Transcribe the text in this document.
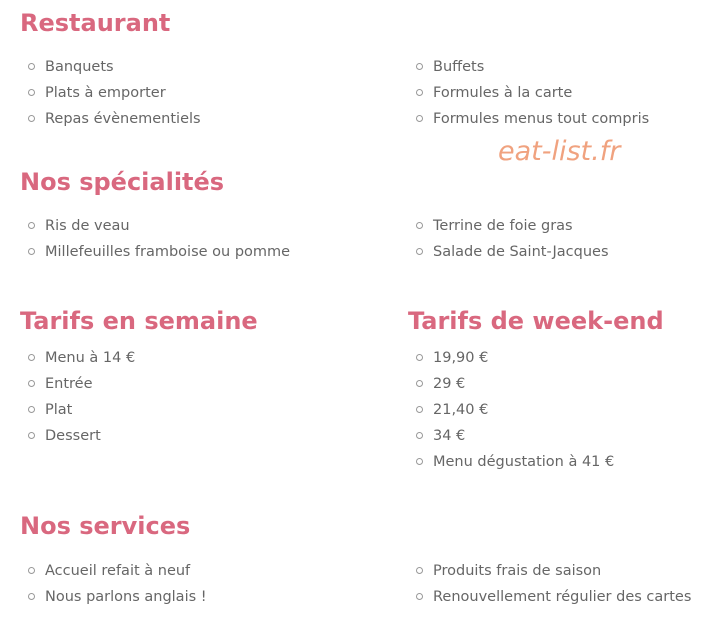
Restaurant
Banquets
Plats à emporter
Repas évènementiels
Buffets
Formules à la carte
Formules menus tout compris
eat-list.fr
Nos spécialités
Ris de veau
Millefeuilles framboise ou pomme
Terrine de foie gras
Salade de Saint-Jacques
Tarifs en semaine	Tarifs de week-end
Menu à 14 €
Entrée
Plat
Dessert
19,90 €
29 €
21,40 €
34 €
Menu dégustation à 41 €
Nos services
Accueil refait à neuf
Nous parlons anglais !
Produits frais de saison
Renouvellement régulier des cartes
